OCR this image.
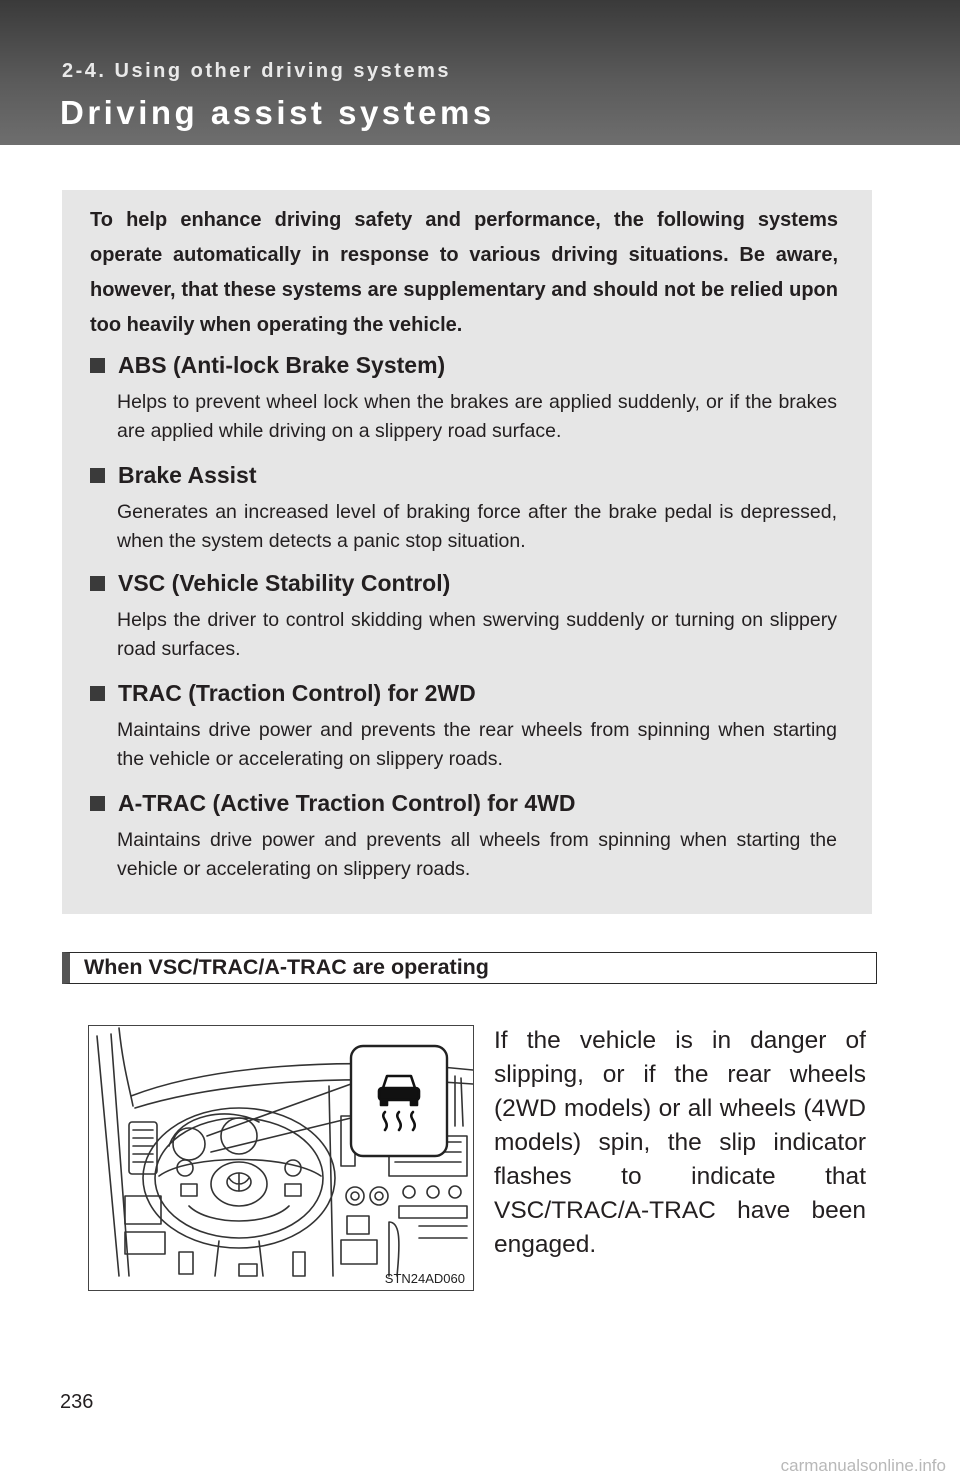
2-4. Using other driving systems
Driving assist systems
To help enhance driving safety and performance, the following systems operate automatically in response to various driving situations. Be aware, however, that these systems are supplementary and should not be relied upon too heavily when operating the vehicle.
ABS (Anti-lock Brake System)
Helps to prevent wheel lock when the brakes are applied suddenly, or if the brakes are applied while driving on a slippery road surface.
Brake Assist
Generates an increased level of braking force after the brake pedal is depressed, when the system detects a panic stop situation.
VSC (Vehicle Stability Control)
Helps the driver to control skidding when swerving suddenly or turning on slippery road surfaces.
TRAC (Traction Control) for 2WD
Maintains drive power and prevents the rear wheels from spinning when starting the vehicle or accelerating on slippery roads.
A-TRAC (Active Traction Control) for 4WD
Maintains drive power and prevents all wheels from spinning when starting the vehicle or accelerating on slippery roads.
When VSC/TRAC/A-TRAC are operating
STN24AD060
If the vehicle is in danger of slipping, or if the rear wheels (2WD models) or all wheels (4WD models) spin, the slip indicator flashes to indicate that VSC/TRAC/A-TRAC have been engaged.
236
carmanualsonline.info
